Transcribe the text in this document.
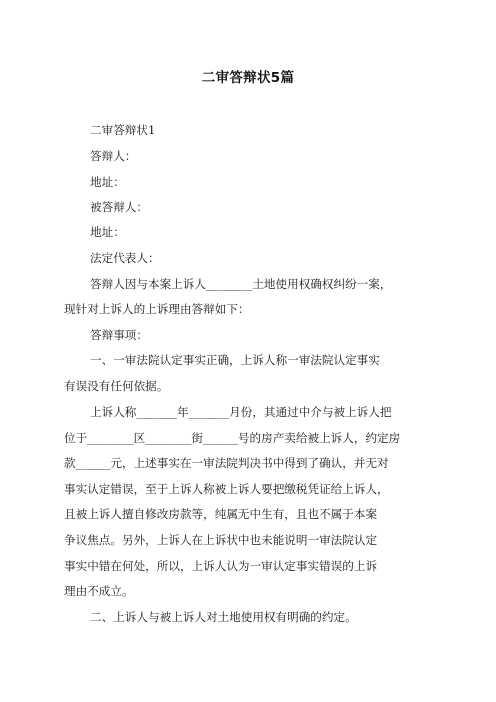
二审答辩状5篇
二审答辩状1
答辩人：
地址：
被答辩人：
地址：
法定代表人：
答辩人因与本案上诉人________土地使用权确权纠纷一案，
现针对上诉人的上诉理由答辩如下：
答辩事项：
一、一审法院认定事实正确，上诉人称一审法院认定事实
有误没有任何依据。
上诉人称_______年_______月份，其通过中介与被上诉人把
位于________区________街______号的房产卖给被上诉人，约定房
款______元，上述事实在一审法院判决书中得到了确认，并无对
事实认定错误，至于上诉人称被上诉人要把缴税凭证给上诉人，
且被上诉人擅自修改房款等，纯属无中生有，且也不属于本案
争议焦点。另外，上诉人在上诉状中也未能说明一审法院认定
事实中错在何处，所以，上诉人认为一审认定事实错误的上诉
理由不成立。
二、上诉人与被上诉人对土地使用权有明确的约定。
